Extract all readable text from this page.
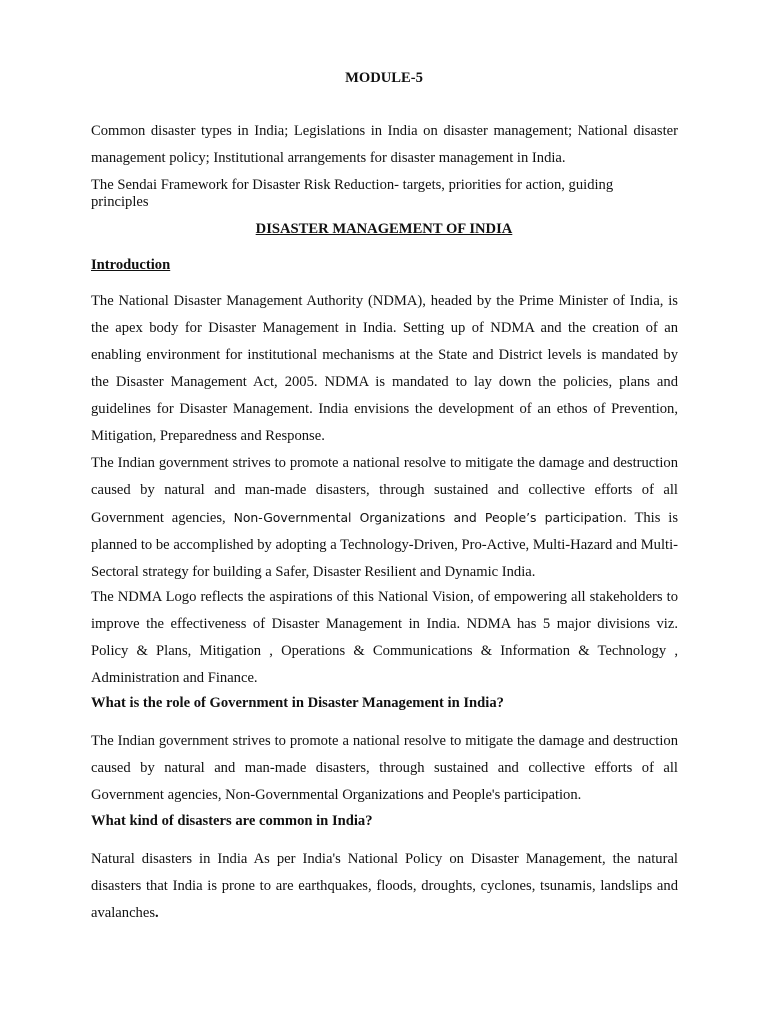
MODULE-5

Common disaster types in India; Legislations in India on disaster management; National disaster management policy; Institutional arrangements for disaster management in India.

The Sendai Framework for Disaster Risk Reduction- targets, priorities for action, guiding principles

DISASTER MANAGEMENT OF INDIA

Introduction

The National Disaster Management Authority (NDMA), headed by the Prime Minister of India, is the apex body for Disaster Management in India. Setting up of NDMA and the creation of an enabling environment for institutional mechanisms at the State and District levels is mandated by the Disaster Management Act, 2005. NDMA is mandated to lay down the policies, plans and guidelines for Disaster Management. India envisions the development of an ethos of Prevention, Mitigation, Preparedness and Response.

The Indian government strives to promote a national resolve to mitigate the damage and destruction caused by natural and man-made disasters, through sustained and collective efforts of all Government agencies, Non-Governmental Organizations and People’s participation. This is planned to be accomplished by adopting a Technology-Driven, Pro-Active, Multi-Hazard and Multi-Sectoral strategy for building a Safer, Disaster Resilient and Dynamic India.

The NDMA Logo reflects the aspirations of this National Vision, of empowering all stakeholders to improve the effectiveness of Disaster Management in India. NDMA has 5 major divisions viz. Policy & Plans, Mitigation , Operations & Communications & Information & Technology , Administration and Finance.

What is the role of Government in Disaster Management in India?

The Indian government strives to promote a national resolve to mitigate the damage and destruction caused by natural and man-made disasters, through sustained and collective efforts of all Government agencies, Non-Governmental Organizations and People's participation.

What kind of disasters are common in India?

Natural disasters in India As per India's National Policy on Disaster Management, the natural disasters that India is prone to are earthquakes, floods, droughts, cyclones, tsunamis, landslips and avalanches.
